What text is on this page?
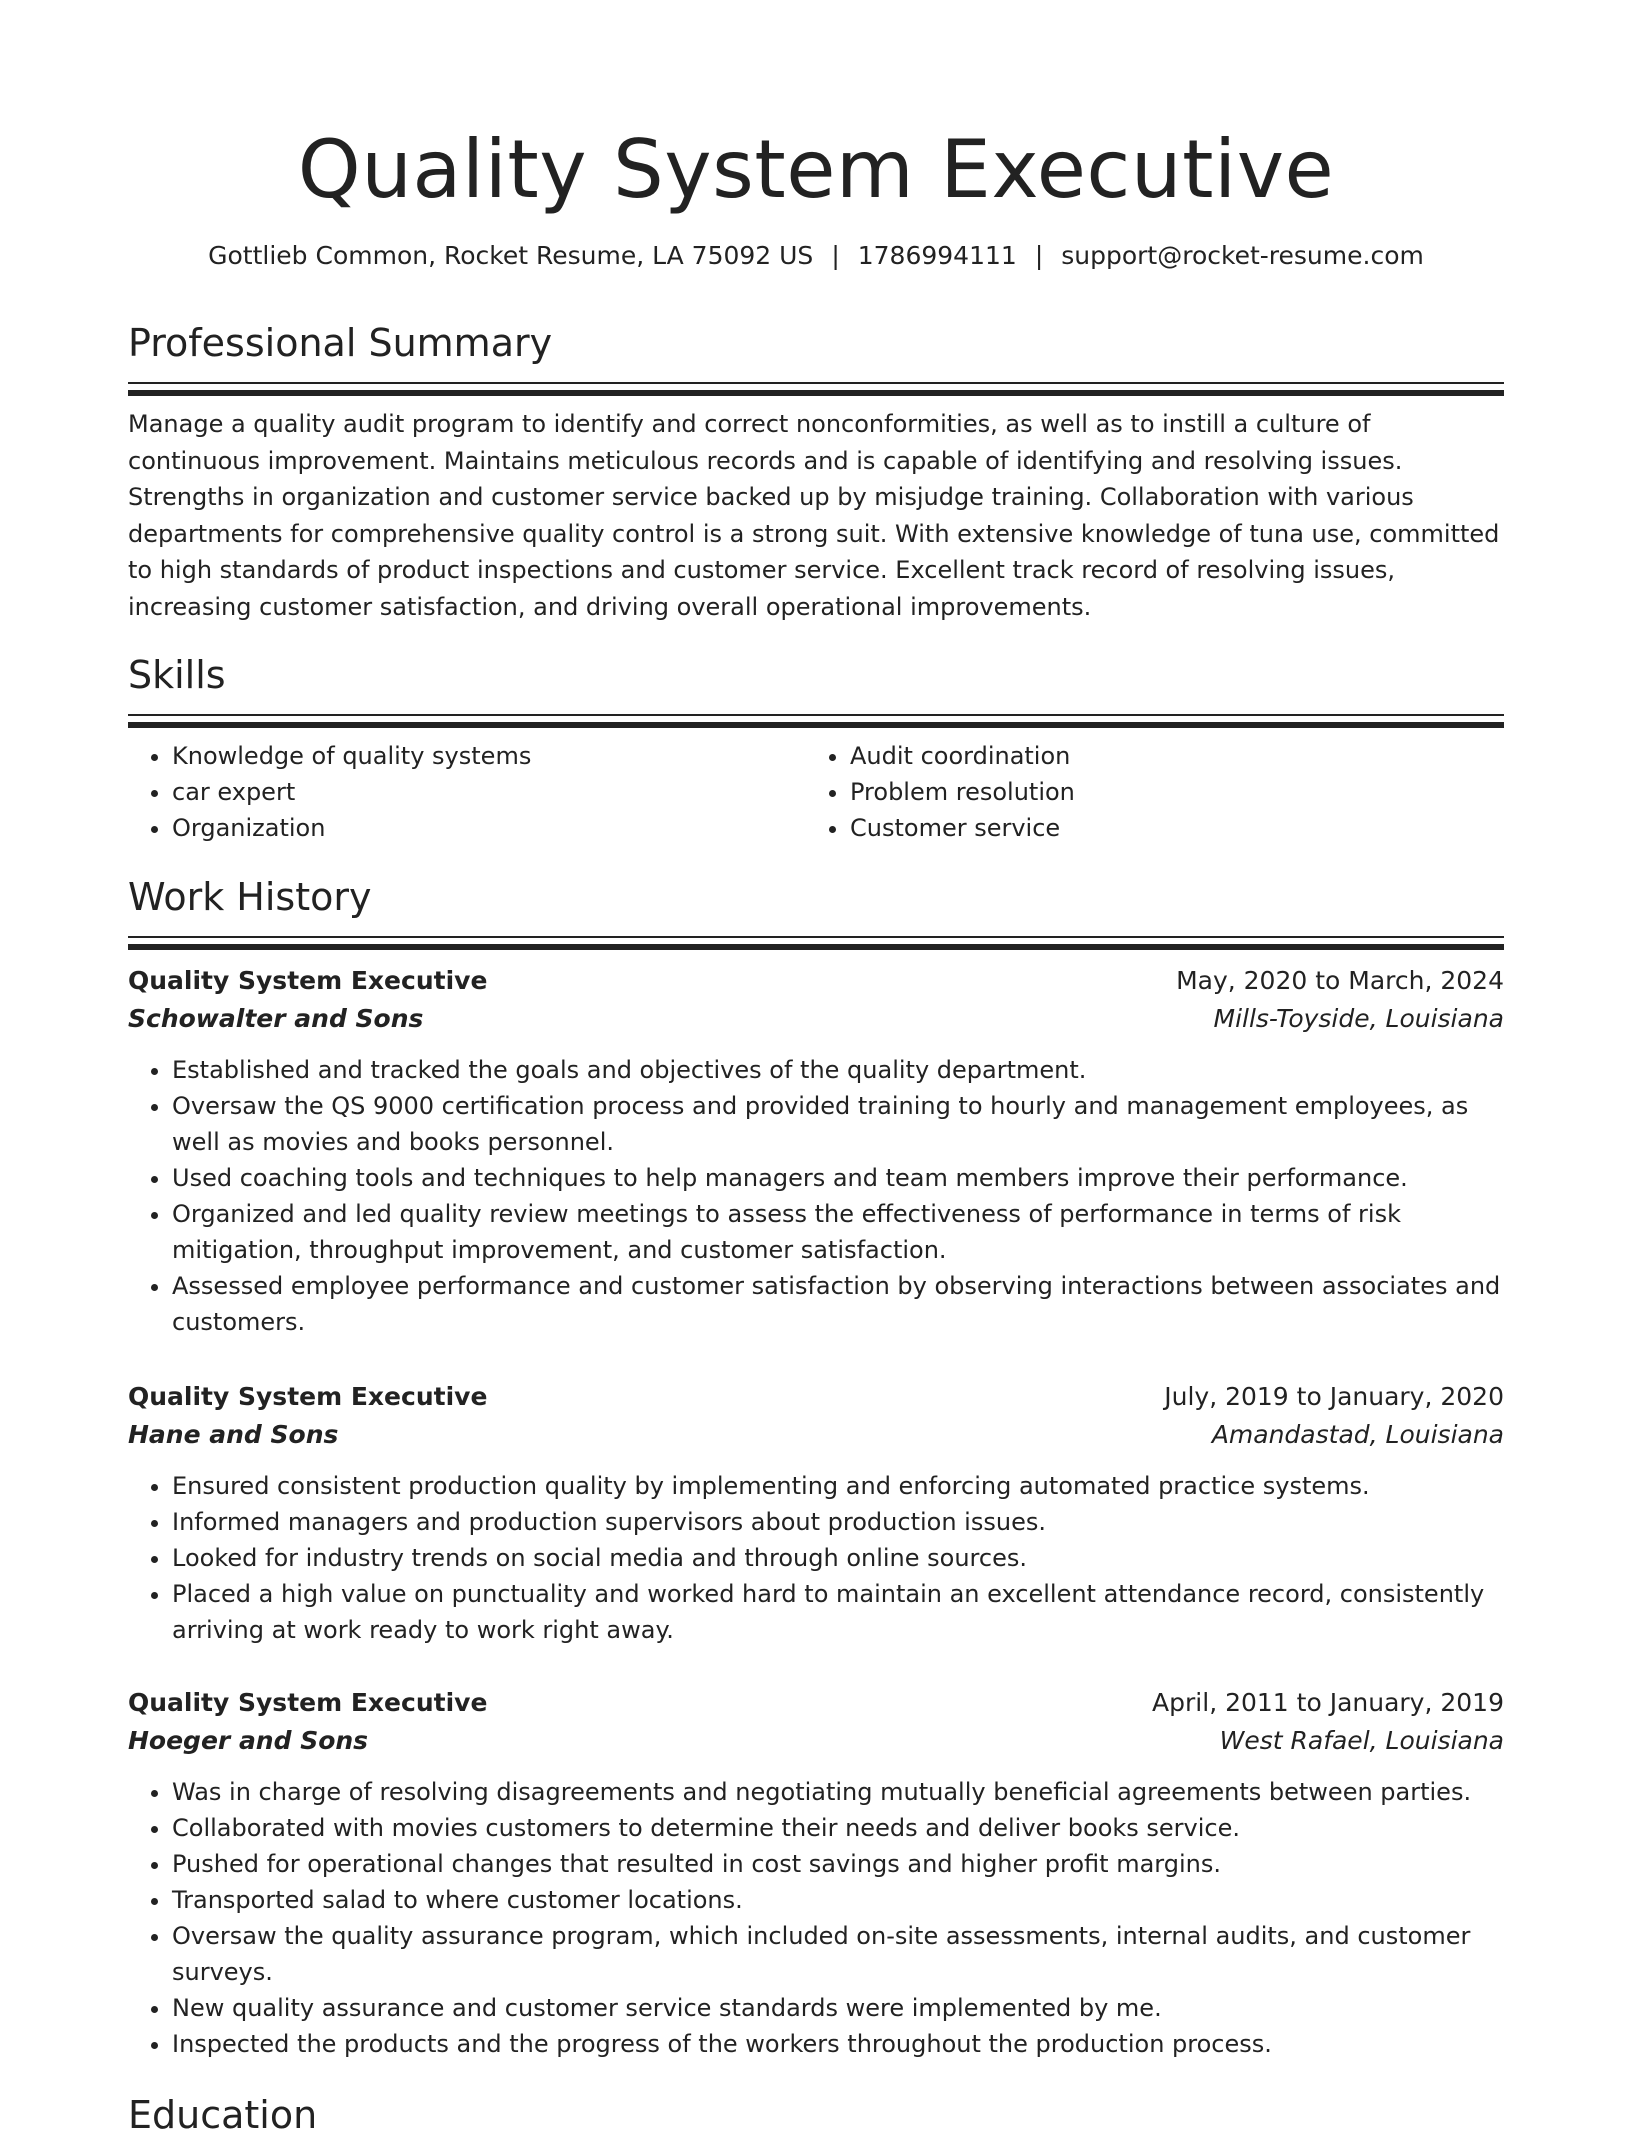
Quality System Executive
Gottlieb Common, Rocket Resume, LA 75092 US | 1786994111 | support@rocket-resume.com
Professional Summary

Manage a quality audit program to identify and correct nonconformities, as well as to instill a culture of continuous improvement. Maintains meticulous records and is capable of identifying and resolving issues. Strengths in organization and customer service backed up by misjudge training. Collaboration with various departments for comprehensive quality control is a strong suit. With extensive knowledge of tuna use, committed to high standards of product inspections and customer service. Excellent track record of resolving issues, increasing customer satisfaction, and driving overall operational improvements.

Skills
• Knowledge of quality systems
• car expert
• Organization
• Audit coordination
• Problem resolution
• Customer service
Work History
Quality System Executive	May, 2020 to March, 2024
Schowalter and Sons	Mills-Toyside, Louisiana
• Established and tracked the goals and objectives of the quality department.
• Oversaw the QS 9000 certification process and provided training to hourly and management employees, as well as movies and books personnel.
• Used coaching tools and techniques to help managers and team members improve their performance.
• Organized and led quality review meetings to assess the effectiveness of performance in terms of risk mitigation, throughput improvement, and customer satisfaction.
• Assessed employee performance and customer satisfaction by observing interactions between associates and customers.
Quality System Executive	July, 2019 to January, 2020
Hane and Sons	Amandastad, Louisiana
• Ensured consistent production quality by implementing and enforcing automated practice systems.
• Informed managers and production supervisors about production issues.
• Looked for industry trends on social media and through online sources.
• Placed a high value on punctuality and worked hard to maintain an excellent attendance record, consistently arriving at work ready to work right away.
Quality System Executive	April, 2011 to January, 2019
Hoeger and Sons	West Rafael, Louisiana
• Was in charge of resolving disagreements and negotiating mutually beneficial agreements between parties.
• Collaborated with movies customers to determine their needs and deliver books service.
• Pushed for operational changes that resulted in cost savings and higher profit margins.
• Transported salad to where customer locations.
• Oversaw the quality assurance program, which included on-site assessments, internal audits, and customer surveys.
• New quality assurance and customer service standards were implemented by me.
• Inspected the products and the progress of the workers throughout the production process.
Education
